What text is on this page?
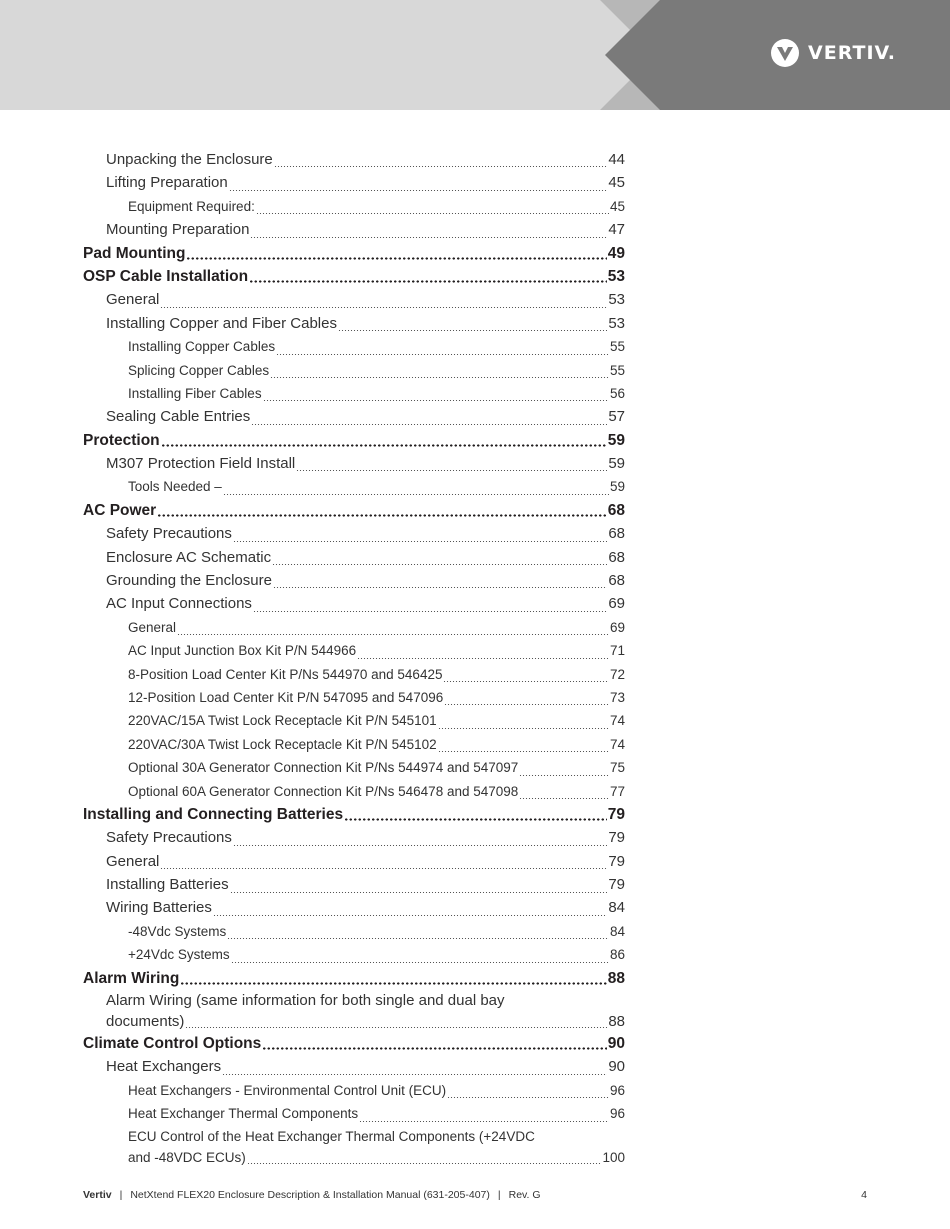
VERTIV.
Unpacking the Enclosure	44
Lifting Preparation	45
Equipment Required:	45
Mounting Preparation	47
Pad Mounting	49
OSP Cable Installation	53
General	53
Installing Copper and Fiber Cables	53
Installing Copper Cables	55
Splicing Copper Cables	55
Installing Fiber Cables	56
Sealing Cable Entries	57
Protection	59
M307 Protection Field Install	59
Tools Needed –	59
AC Power	68
Safety Precautions	68
Enclosure AC Schematic	68
Grounding the Enclosure	68
AC Input Connections	69
General	69
AC Input Junction Box Kit P/N 544966	71
8-Position Load Center Kit P/Ns 544970 and 546425	72
12-Position Load Center Kit P/N 547095 and 547096	73
220VAC/15A Twist Lock Receptacle Kit P/N 545101	74
220VAC/30A Twist Lock Receptacle Kit P/N 545102	74
Optional 30A Generator Connection Kit P/Ns 544974 and 547097	75
Optional 60A Generator Connection Kit P/Ns 546478 and 547098	77
Installing and Connecting Batteries	79
Safety Precautions	79
General	79
Installing Batteries	79
Wiring Batteries	84
-48Vdc Systems	84
+24Vdc Systems	86
Alarm Wiring	88
Alarm Wiring (same information for both single and dual bay
documents)	88
Climate Control Options	90
Heat Exchangers	90
Heat Exchangers - Environmental Control Unit (ECU)	96
Heat Exchanger Thermal Components	96
ECU Control of the Heat Exchanger Thermal Components (+24VDC
and -48VDC ECUs)	100
Vertiv | NetXtend FLEX20 Enclosure Description & Installation Manual (631-205-407) | Rev. G	4
